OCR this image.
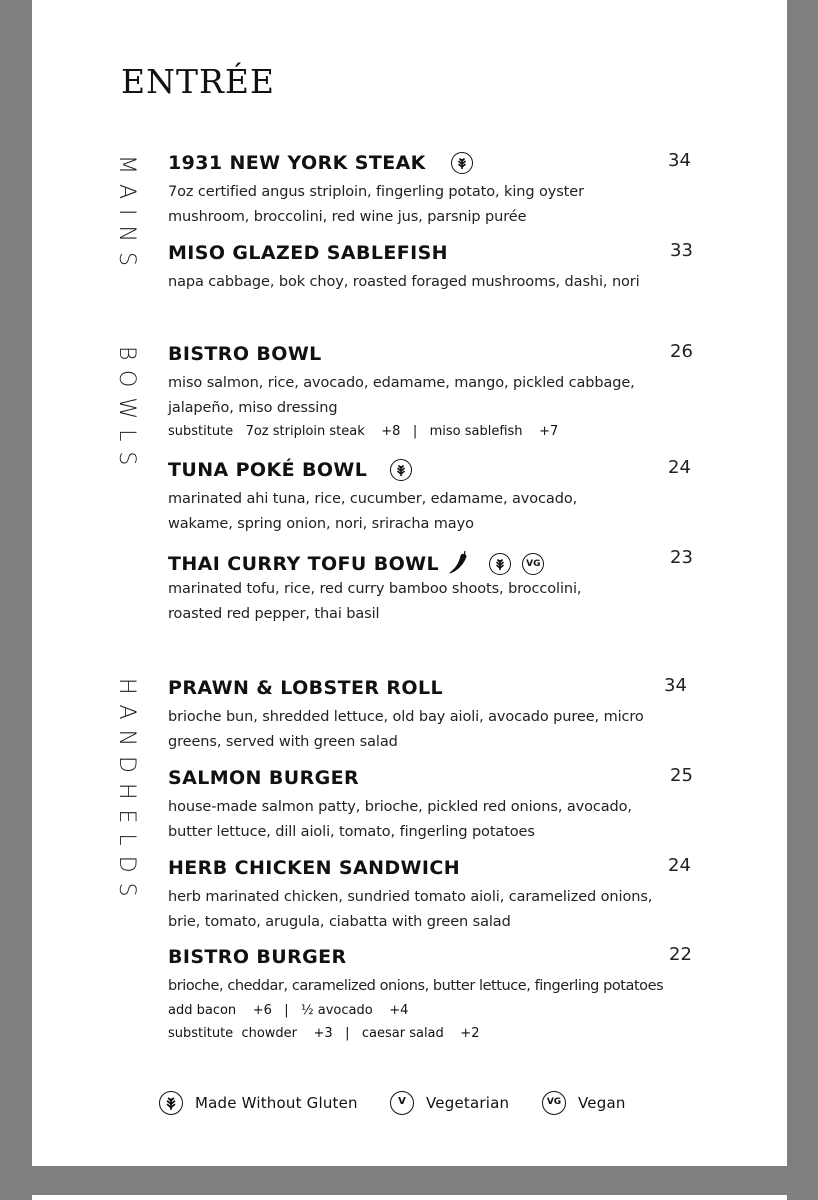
ENTRÉE
MAINS
BOWLS
HANDHELDS
1931 NEW YORK STEAK	34
7oz certified angus striploin, fingerling potato, king oyster mushroom, broccolini, red wine jus, parsnip purée
MISO GLAZED SABLEFISH	33
napa cabbage, bok choy, roasted foraged mushrooms, dashi, nori
BISTRO BOWL	26
miso salmon, rice, avocado, edamame, mango, pickled cabbage, jalapeño, miso dressing
substitute   7oz striploin steak    +8   |   miso sablefish    +7
TUNA POKÉ BOWL	24
marinated ahi tuna, rice, cucumber, edamame, avocado, wakame, spring onion, nori, sriracha mayo
THAI CURRY TOFU BOWL
	VG	23
marinated tofu, rice, red curry bamboo shoots, broccolini, roasted red pepper, thai basil
PRAWN & LOBSTER ROLL	34
brioche bun, shredded lettuce, old bay aioli, avocado puree, micro greens, served with green salad
SALMON BURGER	25
house-made salmon patty, brioche, pickled red onions, avocado, butter lettuce, dill aioli, tomato, fingerling potatoes
HERB CHICKEN SANDWICH	24
herb marinated chicken, sundried tomato aioli, caramelized onions, brie, tomato, arugula, ciabatta with green salad
BISTRO BURGER	22
brioche, cheddar, caramelized onions, butter lettuce, fingerling potatoes
add bacon    +6   |   ½ avocado    +4
substitute  chowder    +3   |   caesar salad    +2
Made Without Gluten	V	Vegetarian	VG Vegan
